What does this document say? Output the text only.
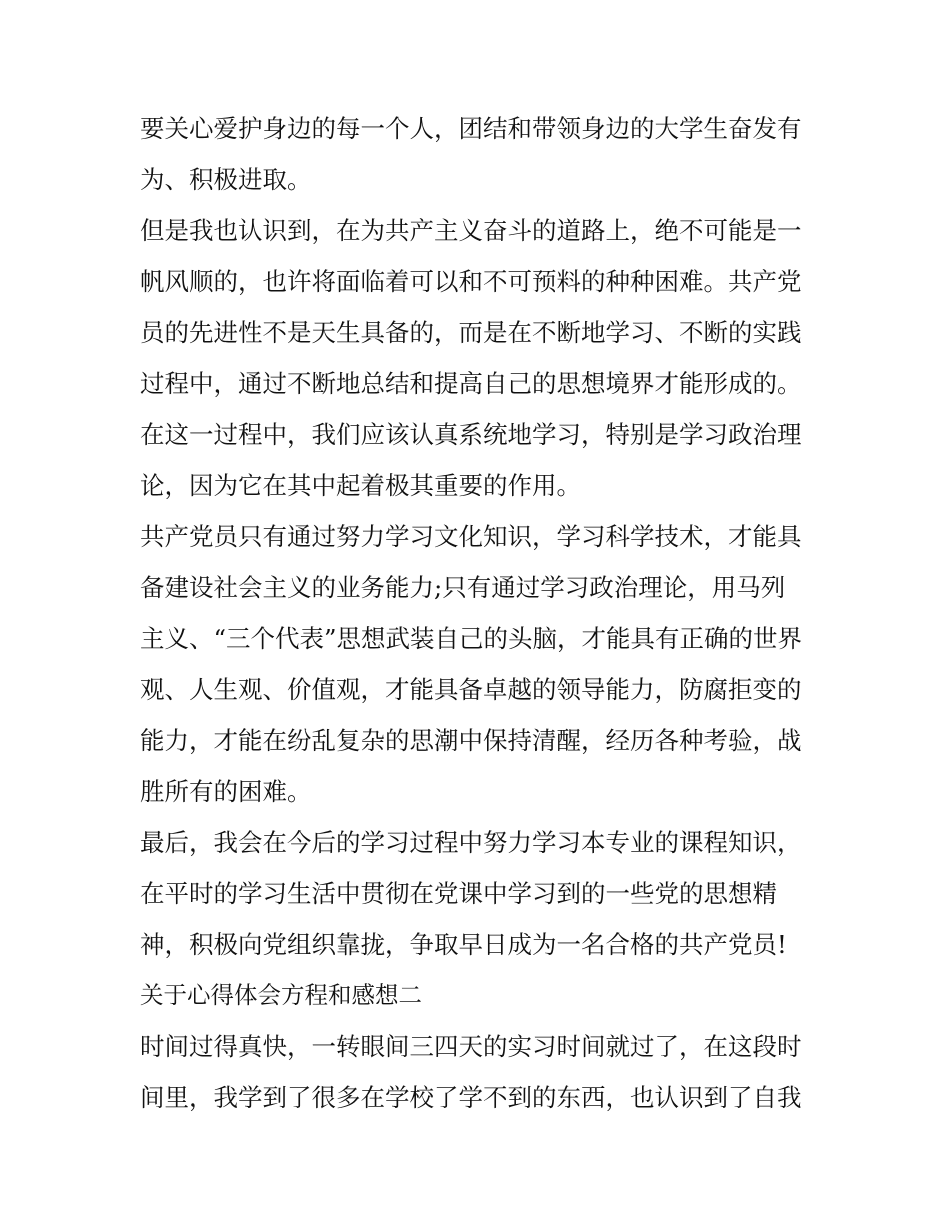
要关心爱护身边的每一个人，团结和带领身边的大学生奋发有
为、积极进取。
但是我也认识到，在为共产主义奋斗的道路上，绝不可能是一
帆风顺的，也许将面临着可以和不可预料的种种困难。共产党
员的先进性不是天生具备的，而是在不断地学习、不断的实践
过程中，通过不断地总结和提高自己的思想境界才能形成的。
在这一过程中，我们应该认真系统地学习，特别是学习政治理
论，因为它在其中起着极其重要的作用。
共产党员只有通过努力学习文化知识，学习科学技术，才能具
备建设社会主义的业务能力;只有通过学习政治理论，用马列
主义、“三个代表”思想武装自己的头脑，才能具有正确的世界
观、人生观、价值观，才能具备卓越的领导能力，防腐拒变的
能力，才能在纷乱复杂的思潮中保持清醒，经历各种考验，战
胜所有的困难。
最后，我会在今后的学习过程中努力学习本专业的课程知识，
在平时的学习生活中贯彻在党课中学习到的一些党的思想精
神，积极向党组织靠拢，争取早日成为一名合格的共产党员!
关于心得体会方程和感想二
时间过得真快，一转眼间三四天的实习时间就过了，在这段时
间里，我学到了很多在学校了学不到的东西，也认识到了自我
